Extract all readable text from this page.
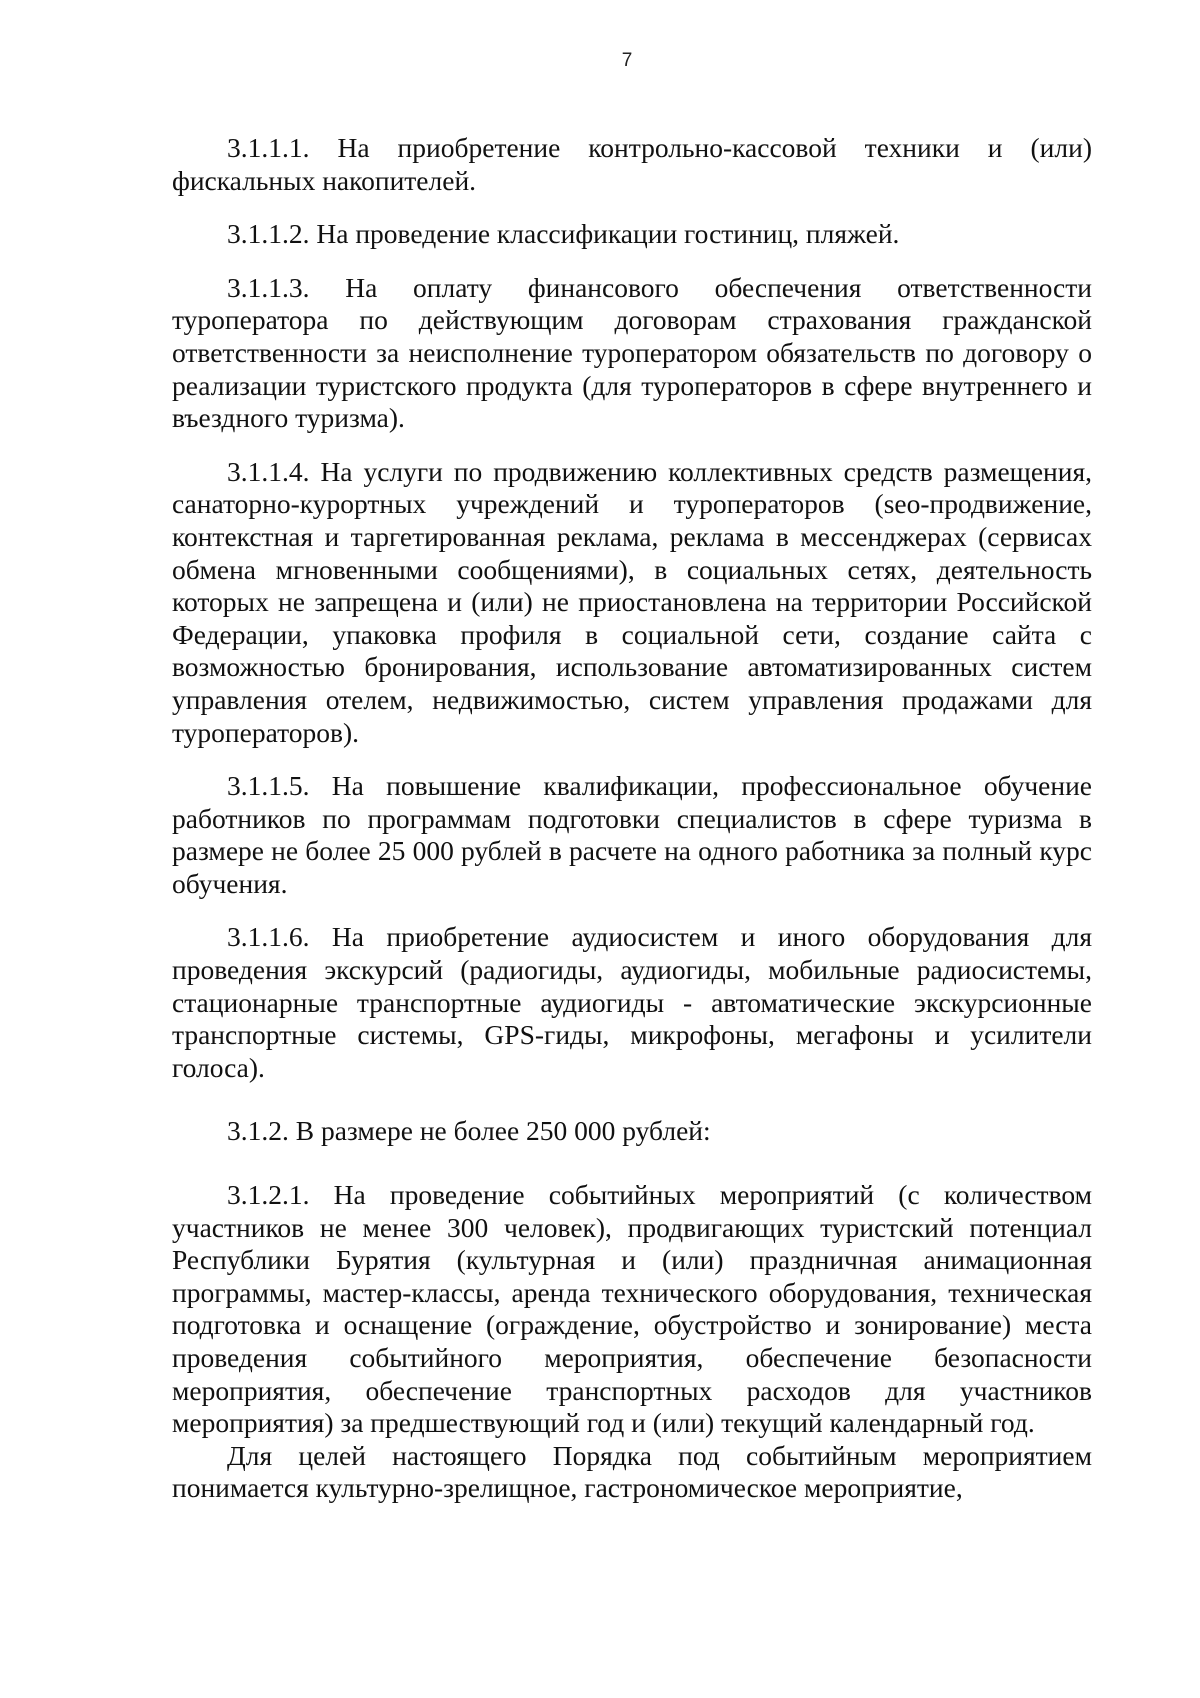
7

3.1.1.1. На приобретение контрольно-кассовой техники и (или) фискальных накопителей.

3.1.1.2. На проведение классификации гостиниц, пляжей.

3.1.1.3. На оплату финансового обеспечения ответственности туроператора по действующим договорам страхования гражданской ответственности за неисполнение туроператором обязательств по договору о реализации туристского продукта (для туроператоров в сфере внутреннего и въездного туризма).

3.1.1.4. На услуги по продвижению коллективных средств размещения, санаторно-курортных учреждений и туроператоров (seo-продвижение, контекстная и таргетированная реклама, реклама в мессенджерах (сервисах обмена мгновенными сообщениями), в социальных сетях, деятельность которых не запрещена и (или) не приостановлена на территории Российской Федерации, упаковка профиля в социальной сети, создание сайта с возможностью бронирования, использование автоматизированных систем управления отелем, недвижимостью, систем управления продажами для туроператоров).

3.1.1.5. На повышение квалификации, профессиональное обучение работников по программам подготовки специалистов в сфере туризма в размере не более 25 000 рублей в расчете на одного работника за полный курс обучения.

3.1.1.6. На приобретение аудиосистем и иного оборудования для проведения экскурсий (радиогиды, аудиогиды, мобильные радиосистемы, стационарные транспортные аудиогиды - автоматические экскурсионные транспортные системы, GPS-гиды, микрофоны, мегафоны и усилители голоса).

3.1.2. В размере не более 250 000 рублей:

3.1.2.1. На проведение событийных мероприятий (с количеством участников не менее 300 человек), продвигающих туристский потенциал Республики Бурятия (культурная и (или) праздничная анимационная программы, мастер-классы, аренда технического оборудования, техническая подготовка и оснащение (ограждение, обустройство и зонирование) места проведения событийного мероприятия, обеспечение безопасности мероприятия, обеспечение транспортных расходов для участников мероприятия) за предшествующий год и (или) текущий календарный год.

Для целей настоящего Порядка под событийным мероприятием понимается культурно-зрелищное, гастрономическое мероприятие,
